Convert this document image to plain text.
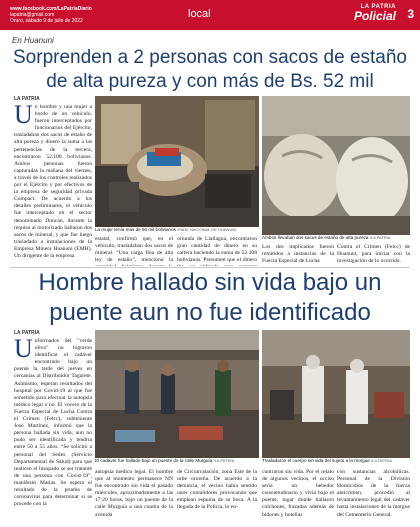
www.facebook.com/LaPatriaDiario
lapatria@gmail.com
Oruro, sábado 9 de julio de 2022
local
LA PATRIA
Policial 3
En Huanuni
Sorprenden a 2 personas con sacos de estaño de alta pureza y con más de Bs. 52 mil
LA PATRIA
Un hombre y una mujer a bordo de un vehículo, fueron interceptados por funcionarios del Ejército, trasladaban dos sacos de estaño de alta pureza y dinero la suma a las pertenencias de la tercera, encontraron 52.108 bolivianos. Ambos personas fueron capturadas la mañana del viernes, a través de los controles realizados por el Ejército y por efectivos de la empresa de seguridad privada Compact. De acuerdo a los detalles preliminares, el vehículo fue interceptado en el sector denominado Duncan, durante la requisa al motorizado hallaron dos sacos de mineral, y que fue luego trasladado a instalaciones de la Empresa Minera Huanuni (EMH). Un dirigente de la empresa
La mujer tenía más de 50 mil bolivianos /FADE NACIONAL DE HUANUNI
Ambos llevaban dos sacos de estaño de alta pureza /LA PATRIA
estatal, confirmó que, en el vehículo, trasladaban dos sacos de mineral. “Una carga fina de alta ley de estaño”, mencionó la
oriunda de Llallagua, encontraron gran cantidad de dinero en su cartera haciendo la suma de 52.108 bolivianos. Presumen que el dinero
Los dos implicados fueron remitidos a instancias de la Fuerza Especial de Lucha
Contra el Crimen (Felcc) de Huanuni, para iniciar con la investigación de lo ocurrido.
Hombre hallado sin vida bajo un puente aun no fue identificado
LA PATRIA
Unforrnados del "verde olivo" no lograron identificar el cadáver encontrado bajo un puente la tarde del jueves en cercanías al Distribuidor Tagarete. Asimismo, esperan resultados del hospital por Covid-19 al que fue sometido para efectuar la autopsia médico legal o no. El vocero de la Fuerza Especial de Lucha Contra el Crimen (Felcc), subteniente José Martínez, informó que la persona hallada sin vida, aun no pudo ser identificada y tendría entre 50 a 55 años. “Se solicitó a personal del Sedes (Servicio Departamental de Salud) para que realicen el hisopado se ser tratante de una persona con Covid-19”, manifestó Matias. Se espera el resultado de la prueba de coronavirus para determinar si se procede con la
El cadáver fue hallado bajo un puente de la calle Murguía /LA PATRIA	Trasladaron el cuerpo sin vida del sujeto a la morgue /LA PATRIA
autopsia médico legal. El hombre que al momento permanece NN fue encontrado sin vida el pasado miércoles, aproximadamente a las 17:20 horas, bajo un puente de la calle Murguía a una cuadra de la avenida
de Circunvalación, zona Este de la urbe orureña. De acuerdo a la denuncia, el vecino había sentido unos comalidores provocando que emplean espuma de su boca. A la llegada de la Policía, lo en-
contraron sin vida. Por el relato de algunos vecinos, el occiso sería un bebedor consuetudinario y vivía bajo el puente, lugar donde hallaron colchones, frazadas además de bidones y botellas
con sustancias alcohólicas. Personal de la División Homicidios de la fuerza anticrimen, procedió al levantamiento legal del cadáver hasta instalaciones de la morgue del Cementerio General.
